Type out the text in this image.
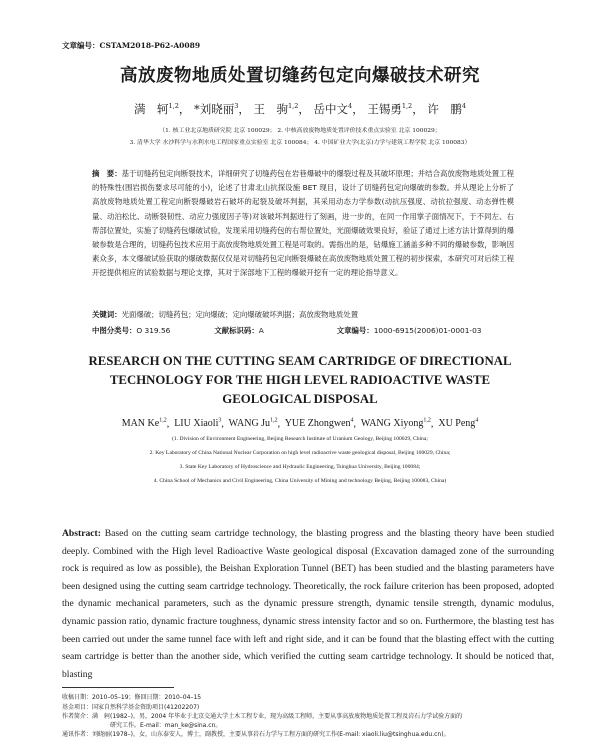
文章编号：CSTAM2018-P62-A0089
高放废物地质处置切缝药包定向爆破技术研究
满　轲$^{1,2}$， *刘晓丽$^3$， 王　驹$^{1,2}$， 岳中文$^4$， 王锡勇$^{1,2}$， 许　鹏$^4$
（1. 核工业北京地质研究院 北京 100029； 2. 中核高放废物地质处置评价技术重点实验室 北京 100029；
3. 清华大学 水沙科学与水利水电工程国家重点实验室 北京 100084； 4. 中国矿业大学(北京)力学与建筑工程学院 北京 100083）
摘　要：基于切缝药包定向断裂技术，详细研究了切缝药包在岩巷爆破中的爆裂过程及其破坏原理；并结合高放废物地质处置工程的特殊性(围岩损伤要求尽可能的小)，论述了甘肃北山抗探设施 BET 现目，设计了切缝药包定向爆破的参数。并从理论上分析了高放废物地质处置工程定向断裂爆破岩石破坏的起裂及破坏判据，其采用动态力学参数(动抗压强度、动抗拉强度、动态弹性模量、动泊松比、动断裂韧性、动应力强度因子等)对该破坏判据进行了刻画，进一步的，在同一作用掌子面情况下，于不同左、右帮部位置处，实施了切缝药包爆破试验，发现采用切缝药包的右帮位置处，光面爆破效果良好，验证了通过上述方法计算得到的爆破参数是合理的，切缝药包技术应用于高放废物地质处置工程是可取的。需指出的是，钻爆施工涵盖多种不同的爆破参数，影响因素众多，本文爆破试验获取的爆破数据仅仅是对切缝药包定向断裂爆破在高放废物地质处置工程的初步探索，本研究可对后续工程开挖提供相应的试验数据与理论支撑，其对于深部地下工程的爆破开挖有一定的理论指导意义。
关键词：光面爆破；切缝药包；定向爆破；定向爆破破坏判据；高放废物地质处置
中图分类号：O 319.56	文献标识码：A	文章编号：1000-6915(2006)01-0001-03
RESEARCH ON THE CUTTING SEAM CARTRIDGE OF DIRECTIONAL
TECHNOLOGY FOR THE HIGH LEVEL RADIOACTIVE WASTE
GEOLOGICAL DISPOSAL
MAN Ke$^{1,2}$,  LIU Xiaoli$^3$,  WANG Ju$^{1,2}$,  YUE Zhongwen$^4$,  WANG Xiyong$^{1,2}$,  XU Peng$^4$
(1. Division of Environment Engineering, Beijing Research Institute of Uranium Geology, Beijing 100029, China;
2. Key Laboratory of China National Nuclear Corporation on high level radioactive waste geological disposal, Beijing 100029, China;
3. State Key Laboratory of Hydroscience and Hydraulic Engineering, Tsinghua University, Beijing 100084;
4. China School of Mechanics and Civil Engineering, China University of Mining and technology Beijing, Beijing 100083, China)
Abstract: Based on the cutting seam cartridge technology, the blasting progress and the blasting theory have been studied deeply. Combined with the High level Radioactive Waste geological disposal (Excavation damaged zone of the surrounding rock is required as low as possible), the Beishan Exploration Tunnel (BET) has been studied and the blasting parameters have been designed using the cutting seam cartridge technology. Theoretically, the rock failure criterion has been proposed, adopted the dynamic mechanical parameters, such as the dynamic pressure strength, dynamic tensile strength, dynamic modulus, dynamic passion ratio, dynamic fracture toughness, dynamic stress intensity factor and so on. Furthermore, the blasting test has been carried out under the same tunnel face with left and right side, and it can be found that the blasting effect with the cutting seam cartridge is better than the another side, which verified the cutting seam cartridge technology. It should be noticed that, blasting
收稿日期：2010–05–19；修回日期：2010–04–15
基金项目：国家自然科学基金资助项目(41202207)
作者简介：满　轲(1982–)，男，2004 年毕业于北京交通大学土木工程专业，现为高级工程师，主要从事高放废物地质处置工程及岩石力学试验方面的
研究工作。E-mail：man_ke@sina.cn。
通讯作者：刘晓丽(1978–)，女，山东泰安人，博士，副教授，主要从事岩石力学与工程方面的研究工作(E-mail: xiaoli.liu@tsinghua.edu.cn)。
